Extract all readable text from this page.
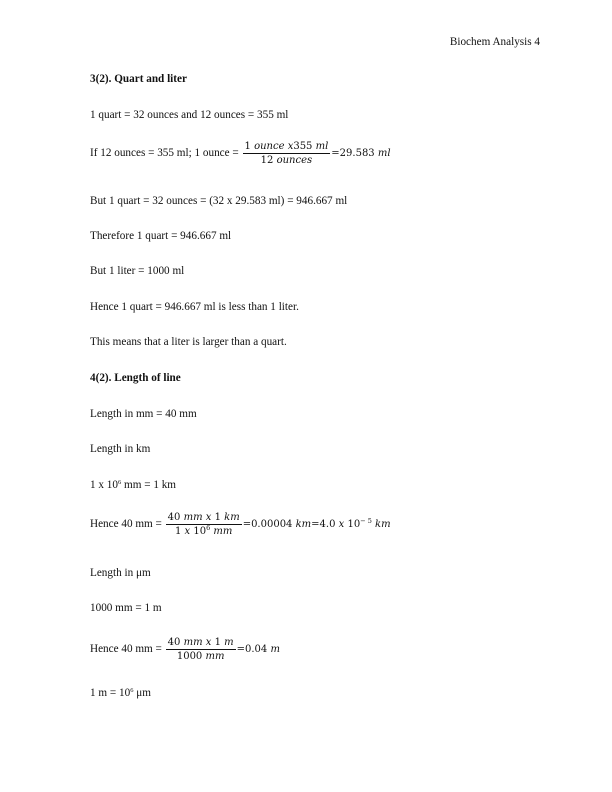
Biochem Analysis 4
3(2). Quart and liter
1 quart = 32 ounces and 12 ounces = 355 ml
If 12 ounces = 355 ml; 1 ounce = $\frac{\text{1 ounce x355 ml}}{\text{12 ounces}} =29.583$ ml
But 1 quart = 32 ounces = (32 x 29.583 ml) = 946.667 ml
Therefore 1 quart = 946.667 ml
But 1 liter = 1000 ml
Hence 1 quart = 946.667 ml is less than 1 liter.
This means that a liter is larger than a quart.
4(2). Length of line
Length in mm = 40 mm
Length in km
1 x $10^6$ mm = 1 km
Hence 40 mm = $\frac{\text{40 mm x 1 km}}{1 x 10^6 mm} =0.00004$ km=4.0 x $10^{- 5}$ km
Length in μm
1000 mm = 1 m
Hence 40 mm = $\frac{\text{40 mm x 1 m}}{1000 mm} =0.04$ m
1 $m = 10^6$ μm
